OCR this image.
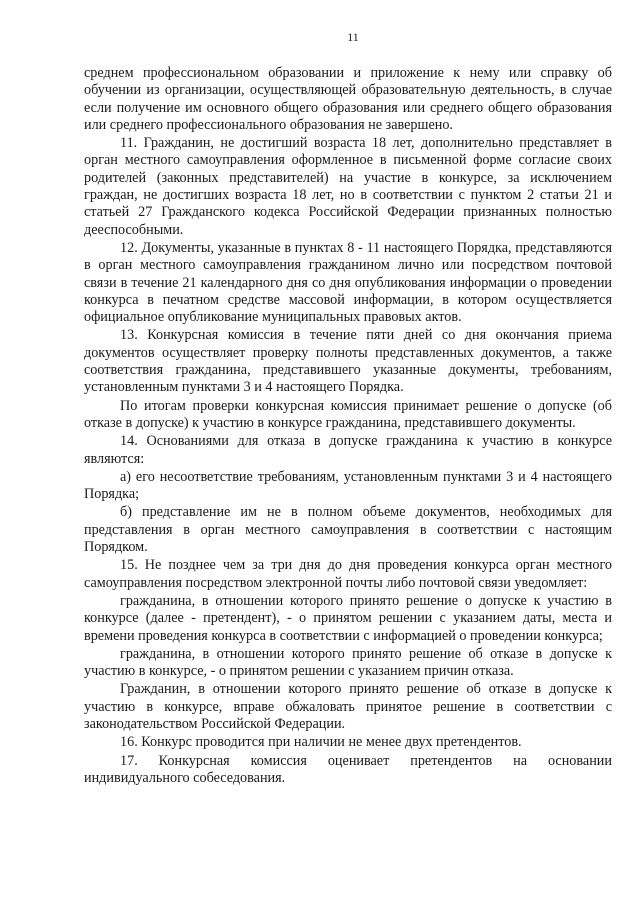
11

среднем профессиональном образовании и приложение к нему или справку об обучении из организации, осуществляющей образовательную деятельность, в случае если получение им основного общего образования или среднего общего образования или среднего профессионального образования не завершено.

11. Гражданин, не достигший возраста 18 лет, дополнительно представляет в орган местного самоуправления оформленное в письменной форме согласие своих родителей (законных представителей) на участие в конкурсе, за исключением граждан, не достигших возраста 18 лет, но в соответствии с пунктом 2 статьи 21 и статьей 27 Гражданского кодекса Российской Федерации признанных полностью дееспособными.

12. Документы, указанные в пунктах 8 - 11 настоящего Порядка, представляются в орган местного самоуправления гражданином лично или посредством почтовой связи в течение 21 календарного дня со дня опубликования информации о проведении конкурса в печатном средстве массовой информации, в котором осуществляется официальное опубликование муниципальных правовых актов.

13. Конкурсная комиссия в течение пяти дней со дня окончания приема документов осуществляет проверку полноты представленных документов, а также соответствия гражданина, представившего указанные документы, требованиям, установленным пунктами 3 и 4 настоящего Порядка.

По итогам проверки конкурсная комиссия принимает решение о допуске (об отказе в допуске) к участию в конкурсе гражданина, представившего документы.

14. Основаниями для отказа в допуске гражданина к участию в конкурсе являются:

а) его несоответствие требованиям, установленным пунктами 3 и 4 настоящего Порядка;

б) представление им не в полном объеме документов, необходимых для представления в орган местного самоуправления в соответствии с настоящим Порядком.

15. Не позднее чем за три дня до дня проведения конкурса орган местного самоуправления посредством электронной почты либо почтовой связи уведомляет:

гражданина, в отношении которого принято решение о допуске к участию в конкурсе (далее - претендент), - о принятом решении с указанием даты, места и времени проведения конкурса в соответствии с информацией о проведении конкурса;

гражданина, в отношении которого принято решение об отказе в допуске к участию в конкурсе, - о принятом решении с указанием причин отказа.

Гражданин, в отношении которого принято решение об отказе в допуске к участию в конкурсе, вправе обжаловать принятое решение в соответствии с законодательством Российской Федерации.

16. Конкурс проводится при наличии не менее двух претендентов.

17. Конкурсная комиссия оценивает претендентов на основании индивидуального собеседования.
